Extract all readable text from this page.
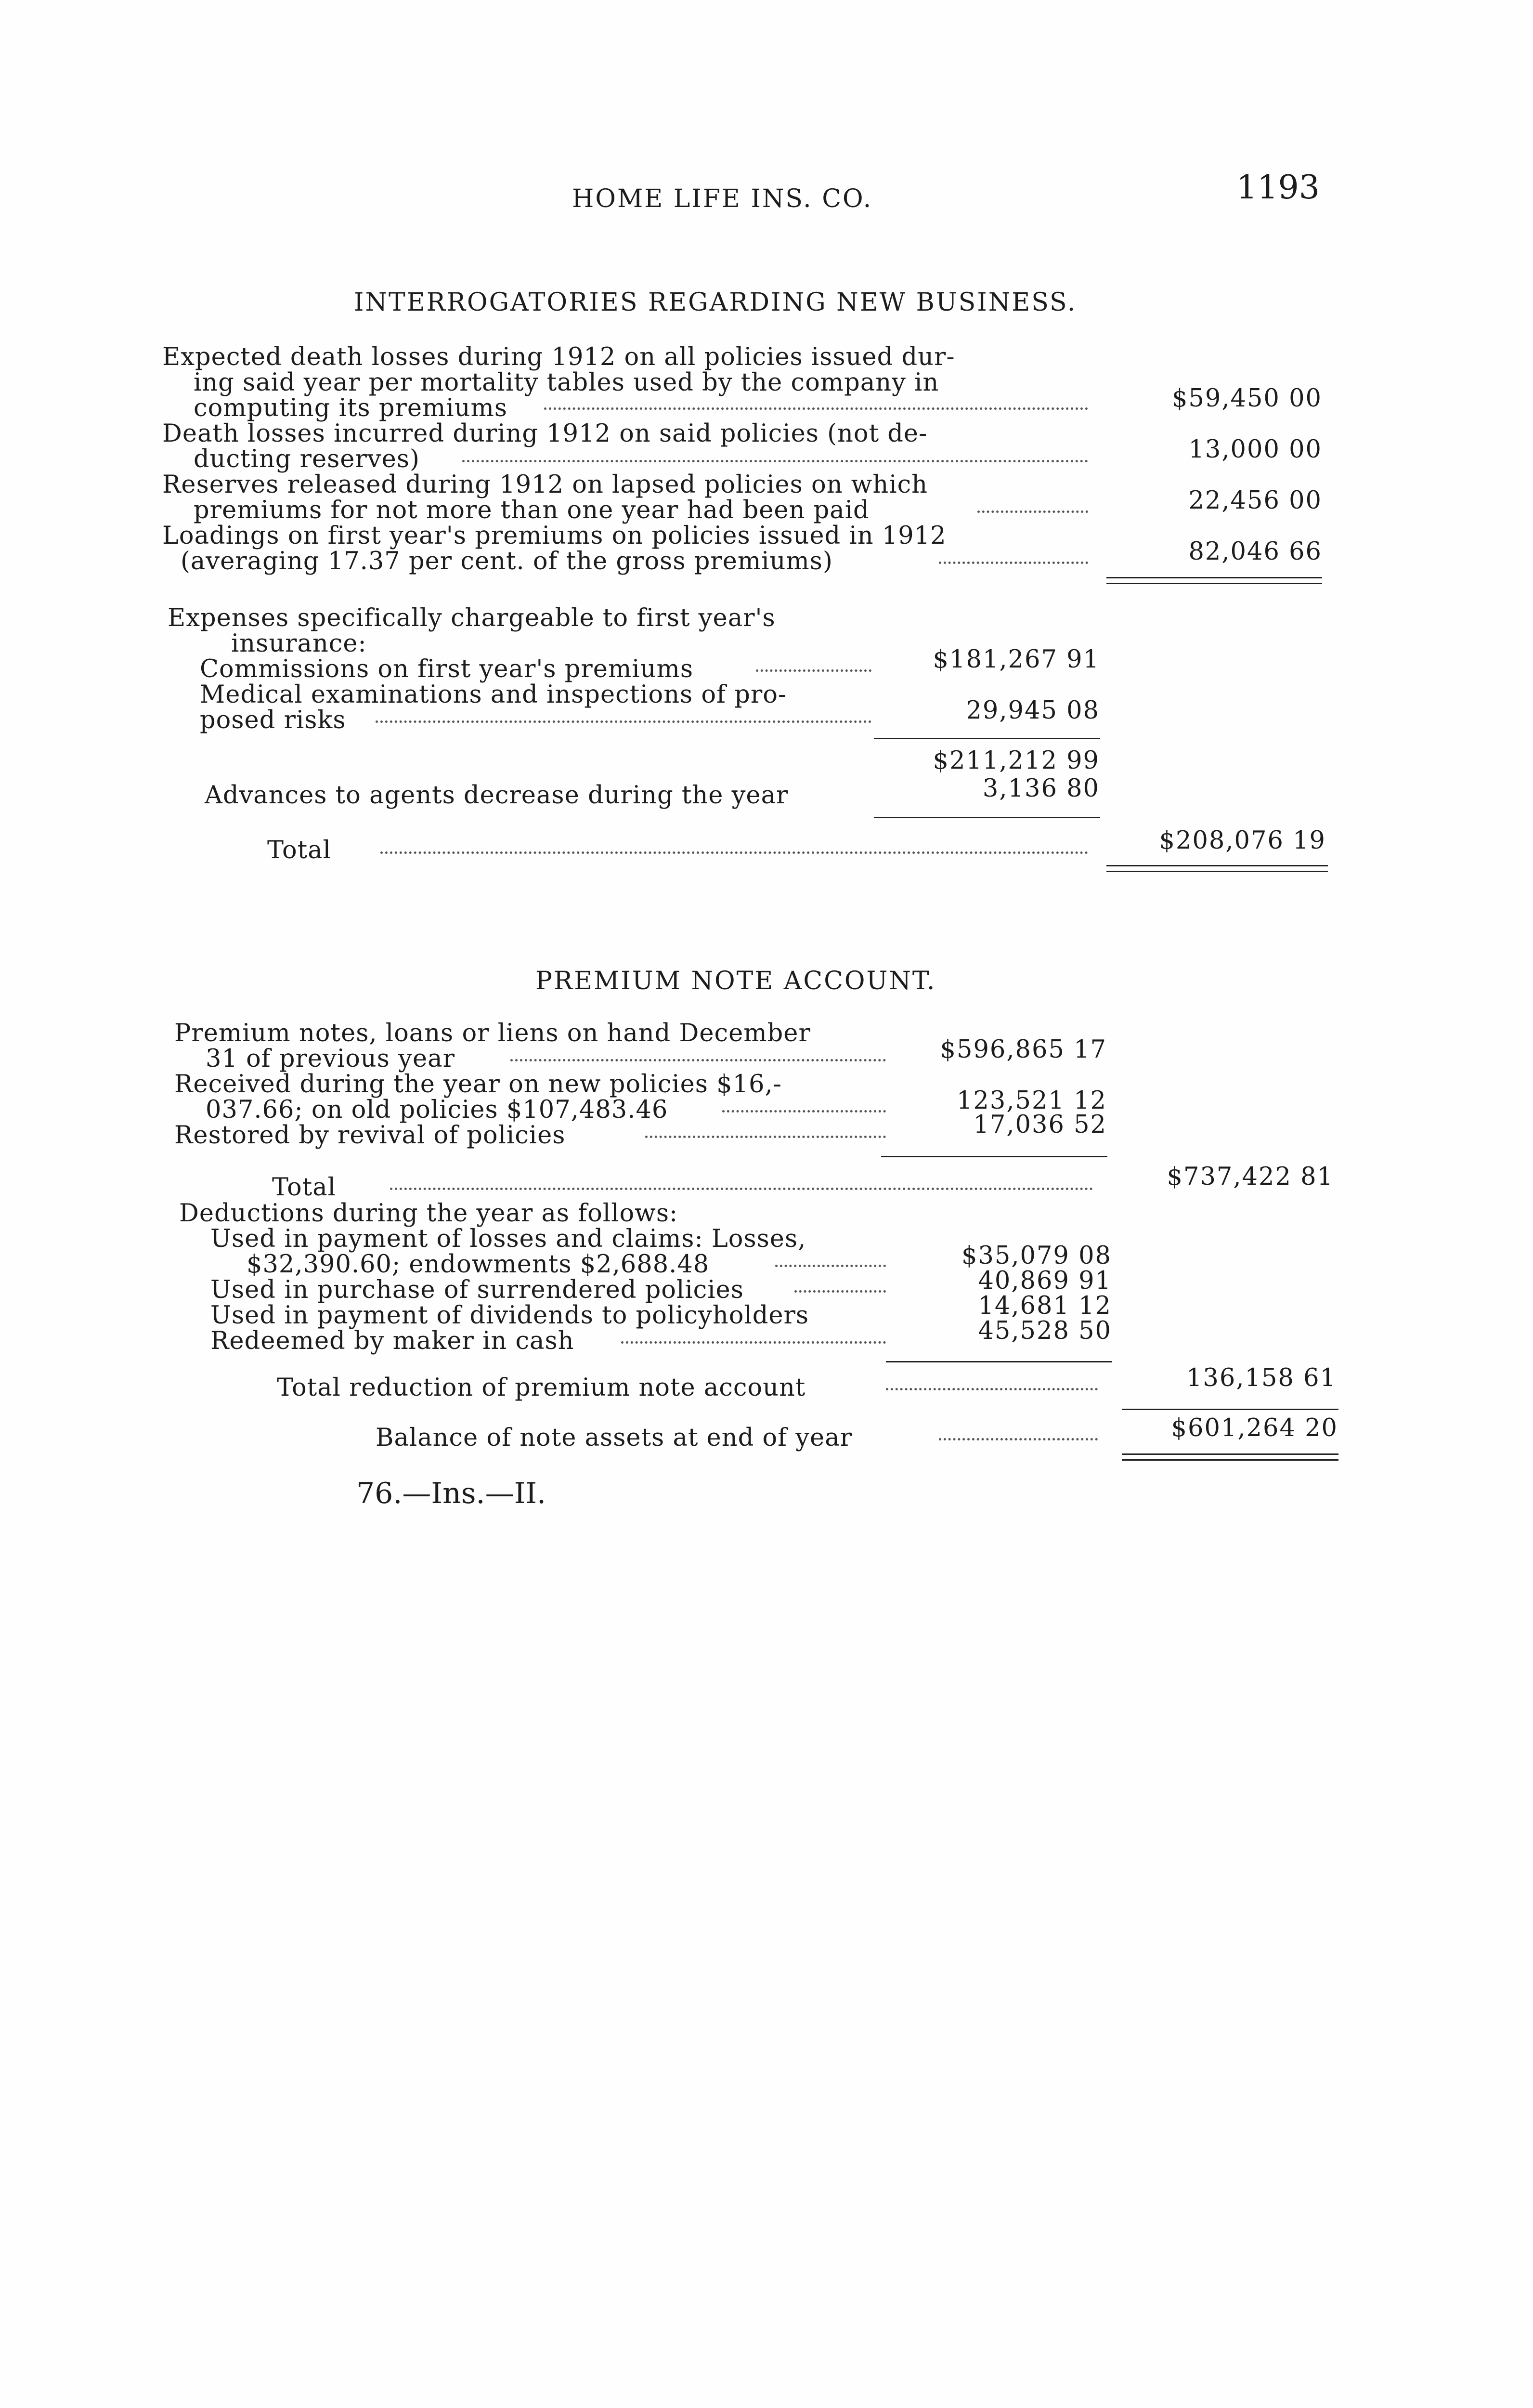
HOME LIFE INS. CO.	1193
INTERROGATORIES REGARDING NEW BUSINESS.
Expected death losses during 1912 on all policies issued dur-
ing said year per mortality tables used by the company in
computing its premiums	$59,450 00
Death losses incurred during 1912 on said policies (not de-
ducting reserves)	13,000 00
Reserves released during 1912 on lapsed policies on which
premiums for not more than one year had been paid	22,456 00
Loadings on first year's premiums on policies issued in 1912
(averaging 17.37 per cent. of the gross premiums)	82,046 66
Expenses specifically chargeable to first year's
insurance:
Commissions on first year's premiums	$181,267 91
Medical examinations and inspections of pro-
posed risks	29,945 08
$211,212 99
Advances to agents decrease during the year	3,136 80
Total	$208,076 19
PREMIUM NOTE ACCOUNT.
Premium notes, loans or liens on hand December
31 of previous year	$596,865 17
Received during the year on new policies $16,-
037.66; on old policies $107,483.46	123,521 12
Restored by revival of policies	17,036 52
Total	$737,422 81
Deductions during the year as follows:
Used in payment of losses and claims: Losses,
$32,390.60; endowments $2,688.48	$35,079 08
Used in purchase of surrendered policies	40,869 91
Used in payment of dividends to policyholders	14,681 12
Redeemed by maker in cash	45,528 50
Total reduction of premium note account	136,158 61
Balance of note assets at end of year	$601,264 20
76.—Ins.—II.
